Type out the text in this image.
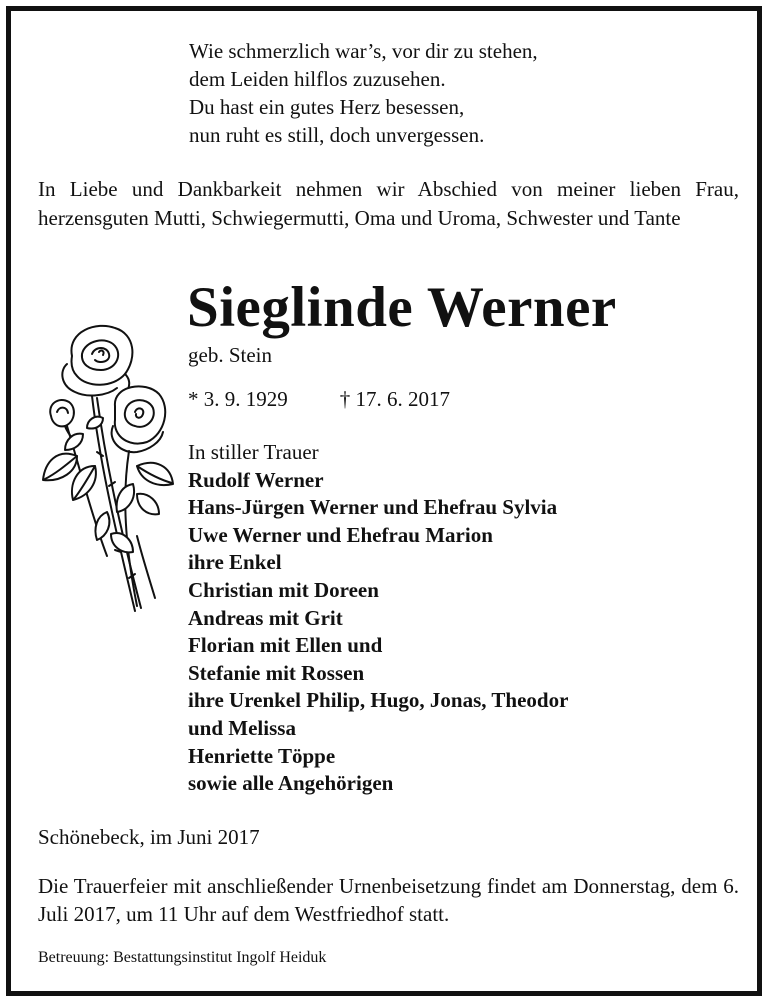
Wie schmerzlich war’s, vor dir zu stehen,
dem Leiden hilflos zuzusehen.
Du hast ein gutes Herz besessen,
nun ruht es still, doch unvergessen.
In Liebe und Dankbarkeit nehmen wir Abschied von meiner lieben Frau, herzensguten Mutti, Schwiegermutti, Oma und Uroma, Schwester und Tante
Sieglinde Werner
geb. Stein
* 3. 9. 1929 † 17. 6. 2017
In stiller Trauer
Rudolf Werner
Hans-Jürgen Werner und Ehefrau Sylvia
Uwe Werner und Ehefrau Marion
ihre Enkel
Christian mit Doreen
Andreas mit Grit
Florian mit Ellen und
Stefanie mit Rossen
ihre Urenkel Philip, Hugo, Jonas, Theodor
und Melissa
Henriette Töppe
sowie alle Angehörigen
Schönebeck, im Juni 2017
Die Trauerfeier mit anschließender Urnenbeisetzung findet am Donnerstag, dem 6. Juli 2017, um 11 Uhr auf dem Westfriedhof statt.
Betreuung: Bestattungsinstitut Ingolf Heiduk
